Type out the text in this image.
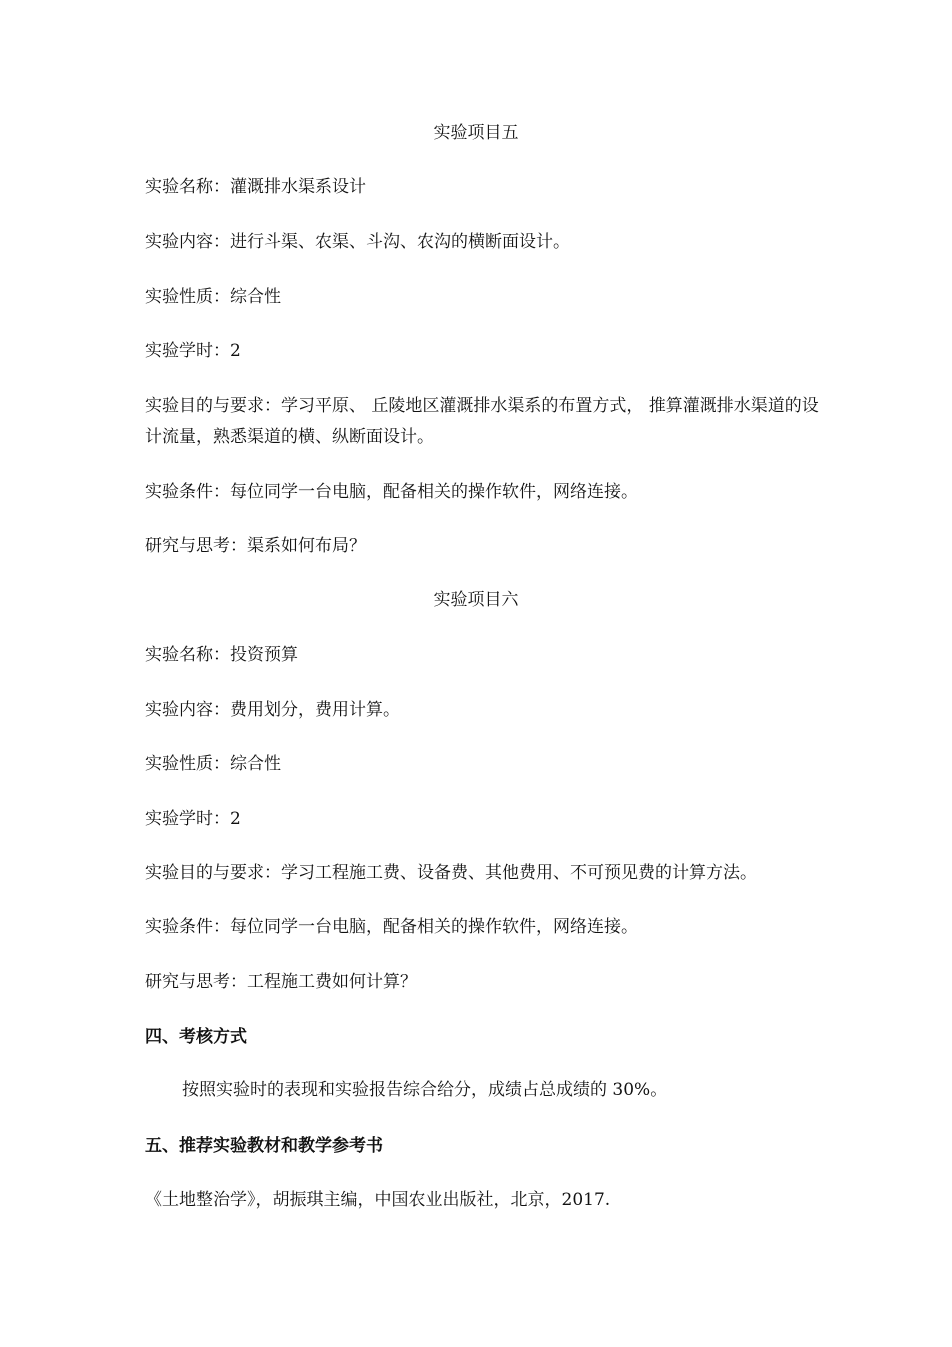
实验项目五
实验名称：灌溉排水渠系设计
实验内容：进行斗渠、农渠、斗沟、农沟的横断面设计。
实验性质：综合性
实验学时：2
实验目的与要求：学习平原、 丘陵地区灌溉排水渠系的布置方式， 推算灌溉排水渠道的设计流量，熟悉渠道的横、纵断面设计。
实验条件：每位同学一台电脑，配备相关的操作软件，网络连接。
研究与思考：渠系如何布局？
实验项目六
实验名称：投资预算
实验内容：费用划分，费用计算。
实验性质：综合性
实验学时：2
实验目的与要求：学习工程施工费、设备费、其他费用、不可预见费的计算方法。
实验条件：每位同学一台电脑，配备相关的操作软件，网络连接。
研究与思考：工程施工费如何计算？
四、考核方式
按照实验时的表现和实验报告综合给分，成绩占总成绩的 30%。
五、推荐实验教材和教学参考书
《土地整治学》，胡振琪主编，中国农业出版社，北京，2017.
